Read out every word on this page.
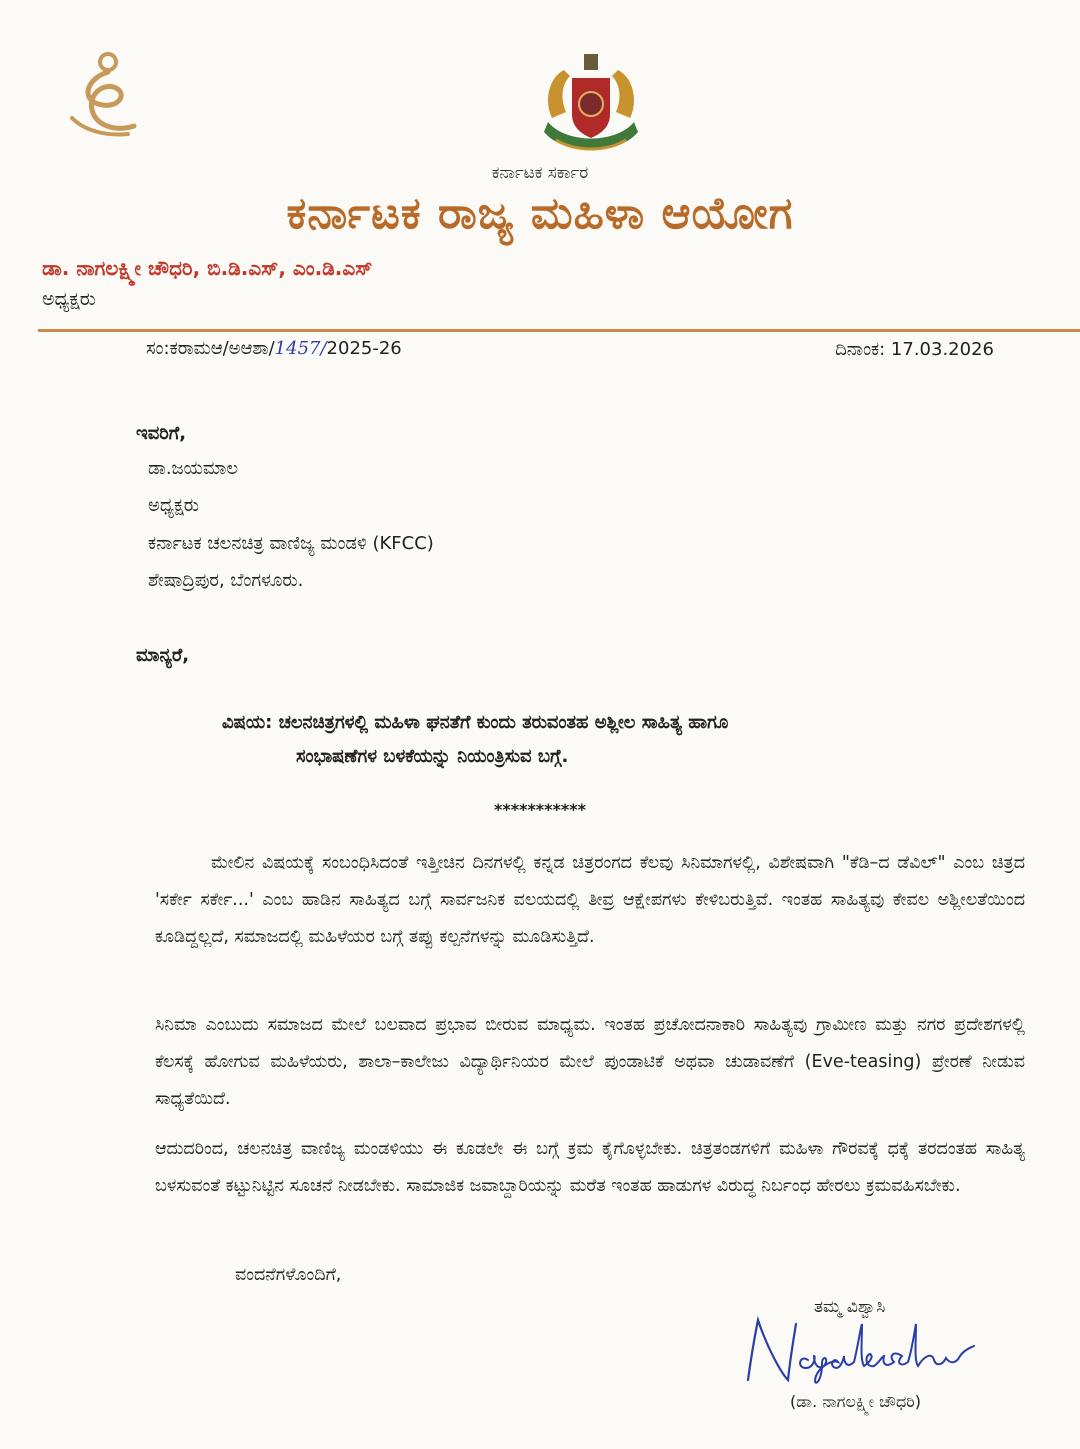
ಕರ್ನಾಟಕ ಸರ್ಕಾರ
ಕರ್ನಾಟಕ ರಾಜ್ಯ ಮಹಿಳಾ ಆಯೋಗ
ಡಾ. ನಾಗಲಕ್ಷ್ಮೀ ಚೌಧರಿ, ಬಿ.ಡಿ.ಎಸ್, ಎಂ.ಡಿ.ಎಸ್
ಅಧ್ಯಕ್ಷರು
ಸಂ:ಕರಾಮಆ/ಅಆಶಾ/1457/2025-26	ದಿನಾಂಕ: 17.03.2026
ಇವರಿಗೆ,
ಡಾ.ಜಯಮಾಲ
ಅಧ್ಯಕ್ಷರು
ಕರ್ನಾಟಕ ಚಲನಚಿತ್ರ ವಾಣಿಜ್ಯ ಮಂಡಳಿ (KFCC)
ಶೇಷಾದ್ರಿಪುರ, ಬೆಂಗಳೂರು.
ಮಾನ್ಯರೆ,
ವಿಷಯ: ಚಲನಚಿತ್ರಗಳಲ್ಲಿ ಮಹಿಳಾ ಘನತೆಗೆ ಕುಂದು ತರುವಂತಹ ಅಶ್ಲೀಲ ಸಾಹಿತ್ಯ ಹಾಗೂ
ಸಂಭಾಷಣೆಗಳ ಬಳಕೆಯನ್ನು ನಿಯಂತ್ರಿಸುವ ಬಗ್ಗೆ.
***********
ಮೇಲಿನ ವಿಷಯಕ್ಕೆ ಸಂಬಂಧಿಸಿದಂತೆ ಇತ್ತೀಚಿನ ದಿನಗಳಲ್ಲಿ ಕನ್ನಡ ಚಿತ್ರರಂಗದ ಕೆಲವು ಸಿನಿಮಾಗಳಲ್ಲಿ, ವಿಶೇಷವಾಗಿ "ಕೆಡಿ–ದ ಡೆವಿಲ್" ಎಂಬ ಚಿತ್ರದ 'ಸರ್ಕೇ ಸರ್ಕೇ...' ಎಂಬ ಹಾಡಿನ ಸಾಹಿತ್ಯದ ಬಗ್ಗೆ ಸಾರ್ವಜನಿಕ ವಲಯದಲ್ಲಿ ತೀವ್ರ ಆಕ್ಷೇಪಗಳು ಕೇಳಿಬರುತ್ತಿವೆ. ಇಂತಹ ಸಾಹಿತ್ಯವು ಕೇವಲ ಅಶ್ಲೀಲತೆಯಿಂದ ಕೂಡಿದ್ದಲ್ಲದೆ, ಸಮಾಜದಲ್ಲಿ ಮಹಿಳೆಯರ ಬಗ್ಗೆ ತಪ್ಪು ಕಲ್ಪನೆಗಳನ್ನು ಮೂಡಿಸುತ್ತಿದೆ.
ಸಿನಿಮಾ ಎಂಬುದು ಸಮಾಜದ ಮೇಲೆ ಬಲವಾದ ಪ್ರಭಾವ ಬೀರುವ ಮಾಧ್ಯಮ. ಇಂತಹ ಪ್ರಚೋದನಾಕಾರಿ ಸಾಹಿತ್ಯವು ಗ್ರಾಮೀಣ ಮತ್ತು ನಗರ ಪ್ರದೇಶಗಳಲ್ಲಿ ಕೆಲಸಕ್ಕೆ ಹೋಗುವ ಮಹಿಳೆಯರು, ಶಾಲಾ–ಕಾಲೇಜು ವಿದ್ಯಾರ್ಥಿನಿಯರ ಮೇಲೆ ಪುಂಡಾಟಿಕೆ ಅಥವಾ ಚುಡಾವಣೆಗೆ (Eve-teasing) ಪ್ರೇರಣೆ ನೀಡುವ ಸಾಧ್ಯತೆಯಿದೆ.
ಆದುದರಿಂದ, ಚಲನಚಿತ್ರ ವಾಣಿಜ್ಯ ಮಂಡಳಿಯು ಈ ಕೂಡಲೇ ಈ ಬಗ್ಗೆ ಕ್ರಮ ಕೈಗೊಳ್ಳಬೇಕು. ಚಿತ್ರತಂಡಗಳಿಗೆ ಮಹಿಳಾ ಗೌರವಕ್ಕೆ ಧಕ್ಕೆ ತರದಂತಹ ಸಾಹಿತ್ಯ ಬಳಸುವಂತೆ ಕಟ್ಟುನಿಟ್ಟಿನ ಸೂಚನೆ ನೀಡಬೇಕು. ಸಾಮಾಜಿಕ ಜವಾಬ್ದಾರಿಯನ್ನು ಮರೆತ ಇಂತಹ ಹಾಡುಗಳ ವಿರುದ್ಧ ನಿರ್ಬಂಧ ಹೇರಲು ಕ್ರಮವಹಿಸಬೇಕು.
ವಂದನೆಗಳೊಂದಿಗೆ,
ತಮ್ಮ ವಿಶ್ವಾಸಿ
(ಡಾ. ನಾಗಲಕ್ಷ್ಮೀ ಚೌಧರಿ)
